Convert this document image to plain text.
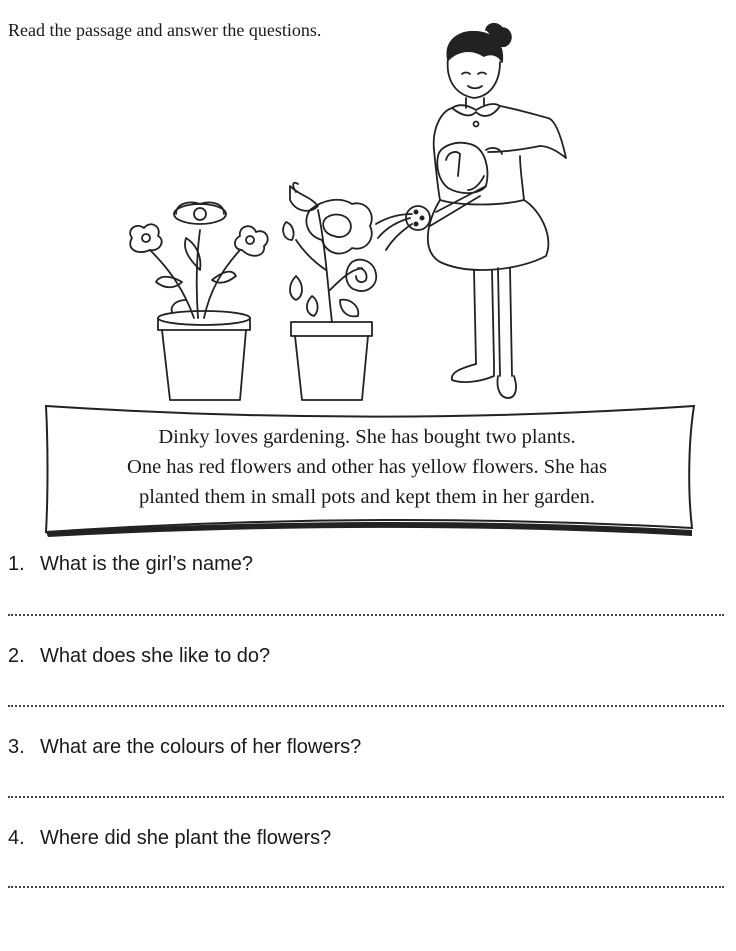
Read the passage and answer the questions.
Dinky loves gardening. She has bought two plants.
One has red flowers and other has yellow flowers. She has
planted them in small pots and kept them in her garden.
1. What is the girl’s name?
2. What does she like to do?
3. What are the colours of her flowers?
4. Where did she plant the flowers?
